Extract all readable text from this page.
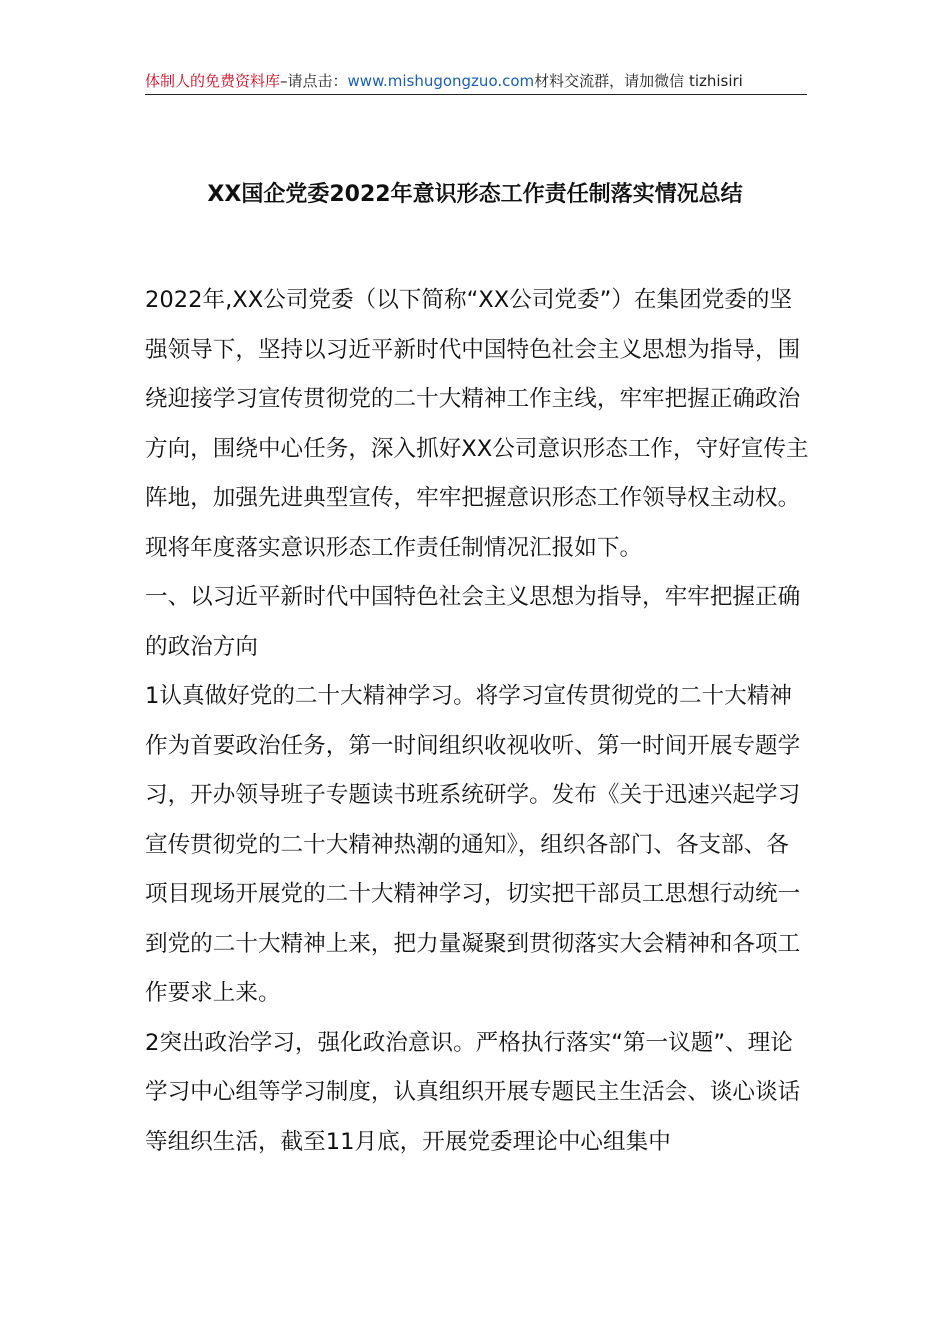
体制人的免费资料库–请点击：www.mishugongzuo.com材料交流群，请加微信 tizhisiri
XX国企党委2022年意识形态工作责任制落实情况总结

2022年,XX公司党委（以下简称“XX公司党委”）在集团党委的坚强领导下，坚持以习近平新时代中国特色社会主义思想为指导，围绕迎接学习宣传贯彻党的二十大精神工作主线，牢牢把握正确政治方向，围绕中心任务，深入抓好XX公司意识形态工作，守好宣传主阵地，加强先进典型宣传，牢牢把握意识形态工作领导权主动权。现将年度落实意识形态工作责任制情况汇报如下。

一、以习近平新时代中国特色社会主义思想为指导，牢牢把握正确的政治方向

1认真做好党的二十大精神学习。将学习宣传贯彻党的二十大精神作为首要政治任务，第一时间组织收视收听、第一时间开展专题学习，开办领导班子专题读书班系统研学。发布《关于迅速兴起学习宣传贯彻党的二十大精神热潮的通知》，组织各部门、各支部、各项目现场开展党的二十大精神学习，切实把干部员工思想行动统一到党的二十大精神上来，把力量凝聚到贯彻落实大会精神和各项工作要求上来。

2突出政治学习，强化政治意识。严格执行落实“第一议题”、理论学习中心组等学习制度，认真组织开展专题民主生活会、谈心谈话等组织生活，截至11月底，开展党委理论中心组集中
